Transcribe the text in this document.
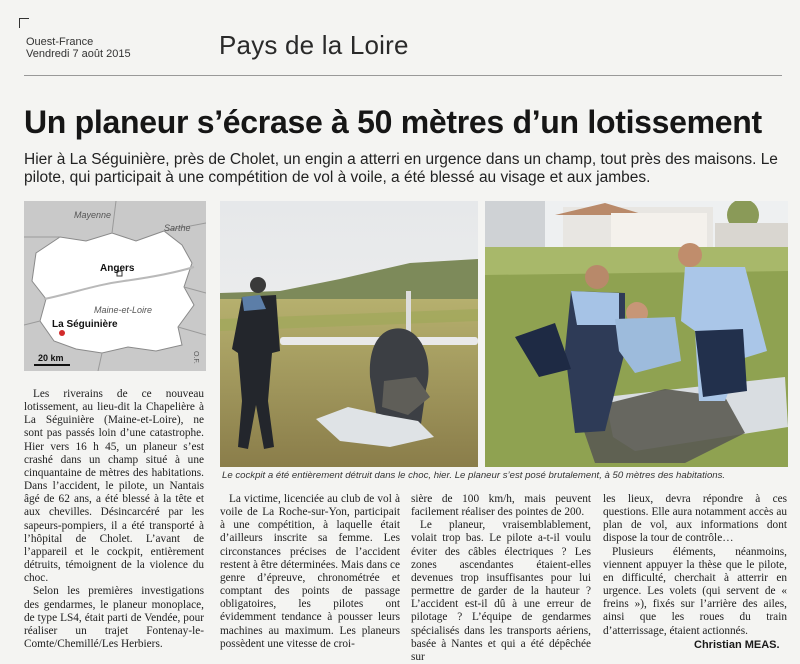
Ouest-France
Vendredi 7 août 2015	Pays de la Loire
Un planeur s’écrase à 50 mètres d’un lotissement
Hier à La Séguinière, près de Cholet, un engin a atterri en urgence dans un champ, tout près des maisons. Le pilote, qui participait à une compétition de vol à voile, a été blessé au visage et aux jambes.
Mayenne
Sarthe
Angers
Maine-et-Loire
La Séguinière
20 km	O.F.
Le cockpit a été entièrement détruit dans le choc, hier. Le planeur s’est posé brutalement, à 50 mètres des habitations.

Les riverains de ce nouveau lotissement, au lieu-dit la Chapelière à La Séguinière (Maine-et-Loire), ne sont pas passés loin d’une catastrophe. Hier vers 16 h 45, un planeur s’est crashé dans un champ situé à une cinquantaine de mètres des habitations. Dans l’accident, le pilote, un Nantais âgé de 62 ans, a été blessé à la tête et aux chevilles. Désincarcéré par les sapeurs-pompiers, il a été transporté à l’hôpital de Cholet. L’avant de l’appareil et le cockpit, entièrement détruits, témoignent de la violence du choc.

Selon les premières investigations des gendarmes, le planeur monoplace, de type LS4, était parti de Vendée, pour réaliser un trajet Fontenay-le-Comte/Chemillé/Les Herbiers.

La victime, licenciée au club de vol à voile de La Roche-sur-Yon, participait à une compétition, à laquelle était d’ailleurs inscrite sa femme. Les circonstances précises de l’accident restent à être déterminées. Mais dans ce genre d’épreuve, chronométrée et comptant des points de passage obligatoires, les pilotes ont évidemment tendance à pousser leurs machines au maximum. Les planeurs possèdent une vitesse de croi-

sière de 100 km/h, mais peuvent facilement réaliser des pointes de 200.

Le planeur, vraisemblablement, volait trop bas. Le pilote a-t-il voulu éviter des câbles électriques ? Les zones ascendantes étaient-elles devenues trop insuffisantes pour lui permettre de garder de la hauteur ? L’accident est-il dû à une erreur de pilotage ? L’équipe de gendarmes spécialisés dans les transports aériens, basée à Nantes et qui a été dépêchée sur

les lieux, devra répondre à ces questions. Elle aura notamment accès au plan de vol, aux informations dont dispose la tour de contrôle…

Plusieurs éléments, néanmoins, viennent appuyer la thèse que le pilote, en difficulté, cherchait à atterrir en urgence. Les volets (qui servent de « freins »), fixés sur l’arrière des ailes, ainsi que les roues du train d’atterrissage, étaient actionnés.

Christian MEAS.
